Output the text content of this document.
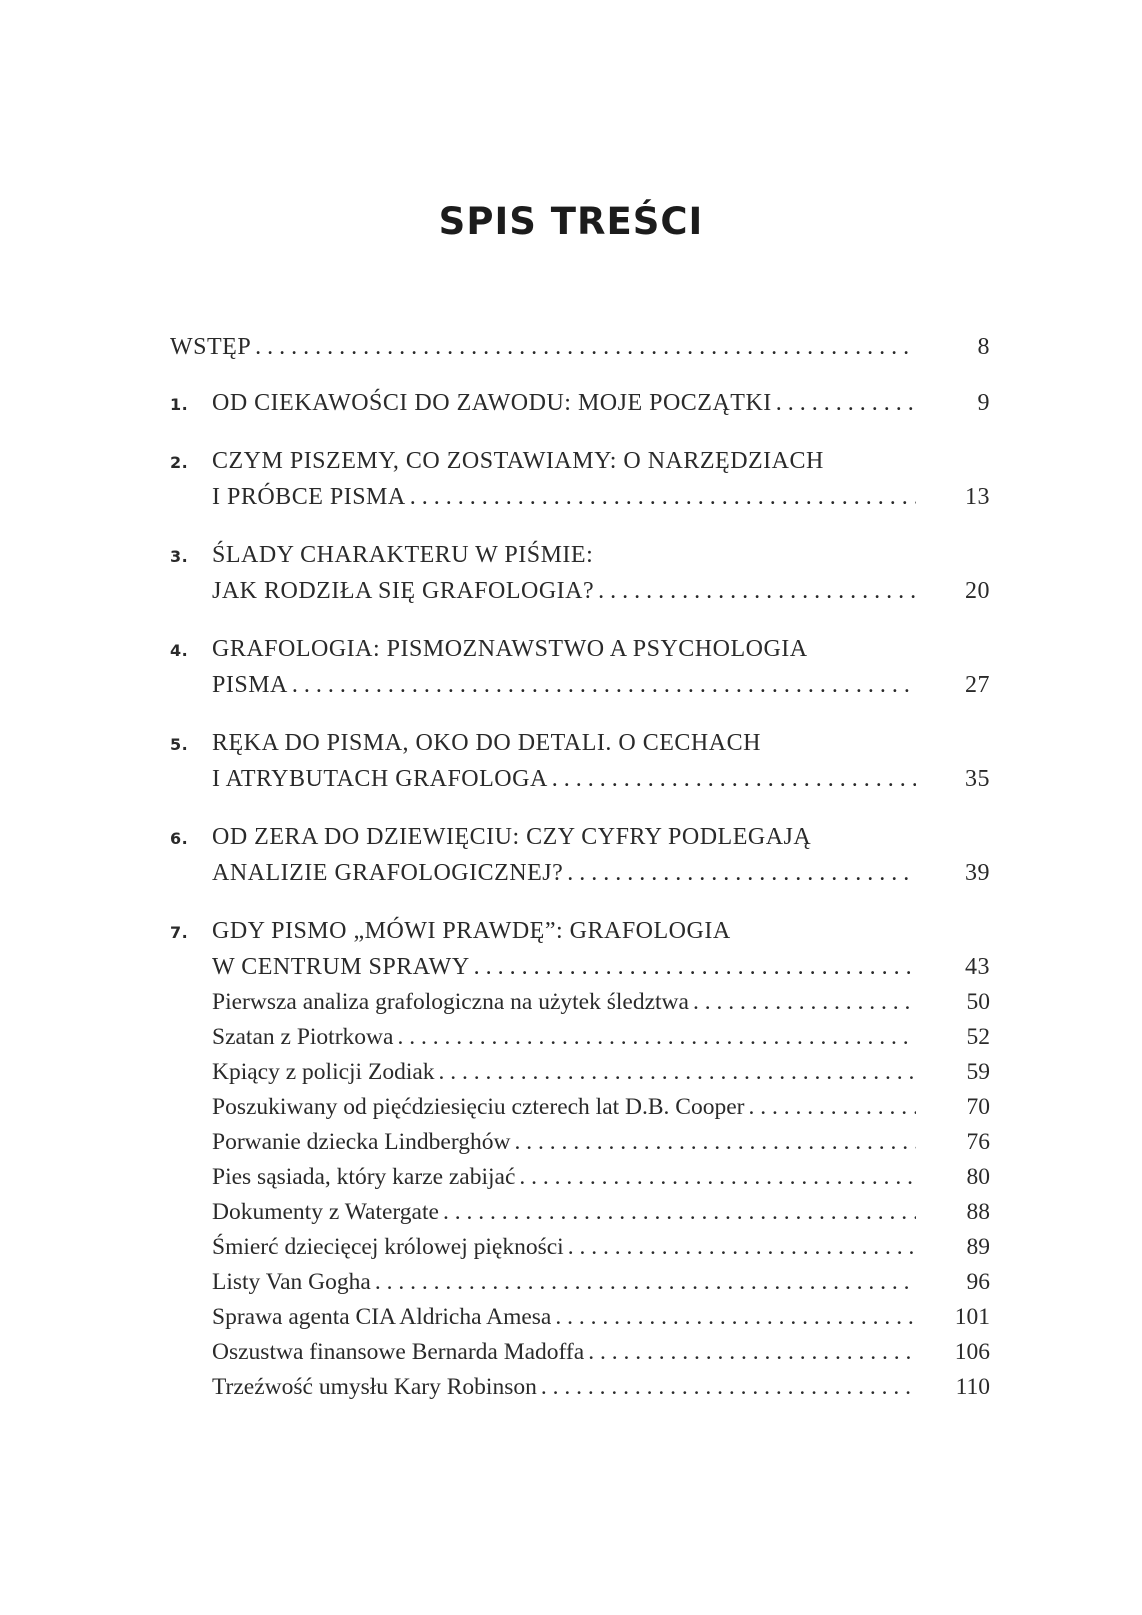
SPIS TREŚCI
WSTĘP . . .	8
1. OD CIEKAWOŚCI DO ZAWODU: MOJE POCZĄTKI . . .	9
2. CZYM PISZEMY, CO ZOSTAWIAMY: O NARZĘDZIACH
I PRÓBCE PISMA . . .	13
3. ŚLADY CHARAKTERU W PIŚMIE:
JAK RODZIŁA SIĘ GRAFOLOGIA? . . .	20
4. GRAFOLOGIA: PISMOZNAWSTWO A PSYCHOLOGIA
PISMA . . .	27
5. RĘKA DO PISMA, OKO DO DETALI. O CECHACH
I ATRYBUTACH GRAFOLOGA . . .	35
6. OD ZERA DO DZIEWIĘCIU: CZY CYFRY PODLEGAJĄ
ANALIZIE GRAFOLOGICZNEJ? . . .	39
7. GDY PISMO „MÓWI PRAWDĘ”: GRAFOLOGIA
W CENTRUM SPRAWY . . .	43
Pierwsza analiza grafologiczna na użytek śledztwa . . .	50
Szatan z Piotrkowa . . .	52
Kpiący z policji Zodiak . . .	59
Poszukiwany od pięćdziesięciu czterech lat D.B. Cooper . . .	70
Porwanie dziecka Lindberghów . . .	76
Pies sąsiada, który karze zabijać . . .	80
Dokumenty z Watergate . . .	88
Śmierć dziecięcej królowej piękności . . .	89
Listy Van Gogha . . .	96
Sprawa agenta CIA Aldricha Amesa . . .	101
Oszustwa finansowe Bernarda Madoffa . . .	106
Trzeźwość umysłu Kary Robinson . . .	110
